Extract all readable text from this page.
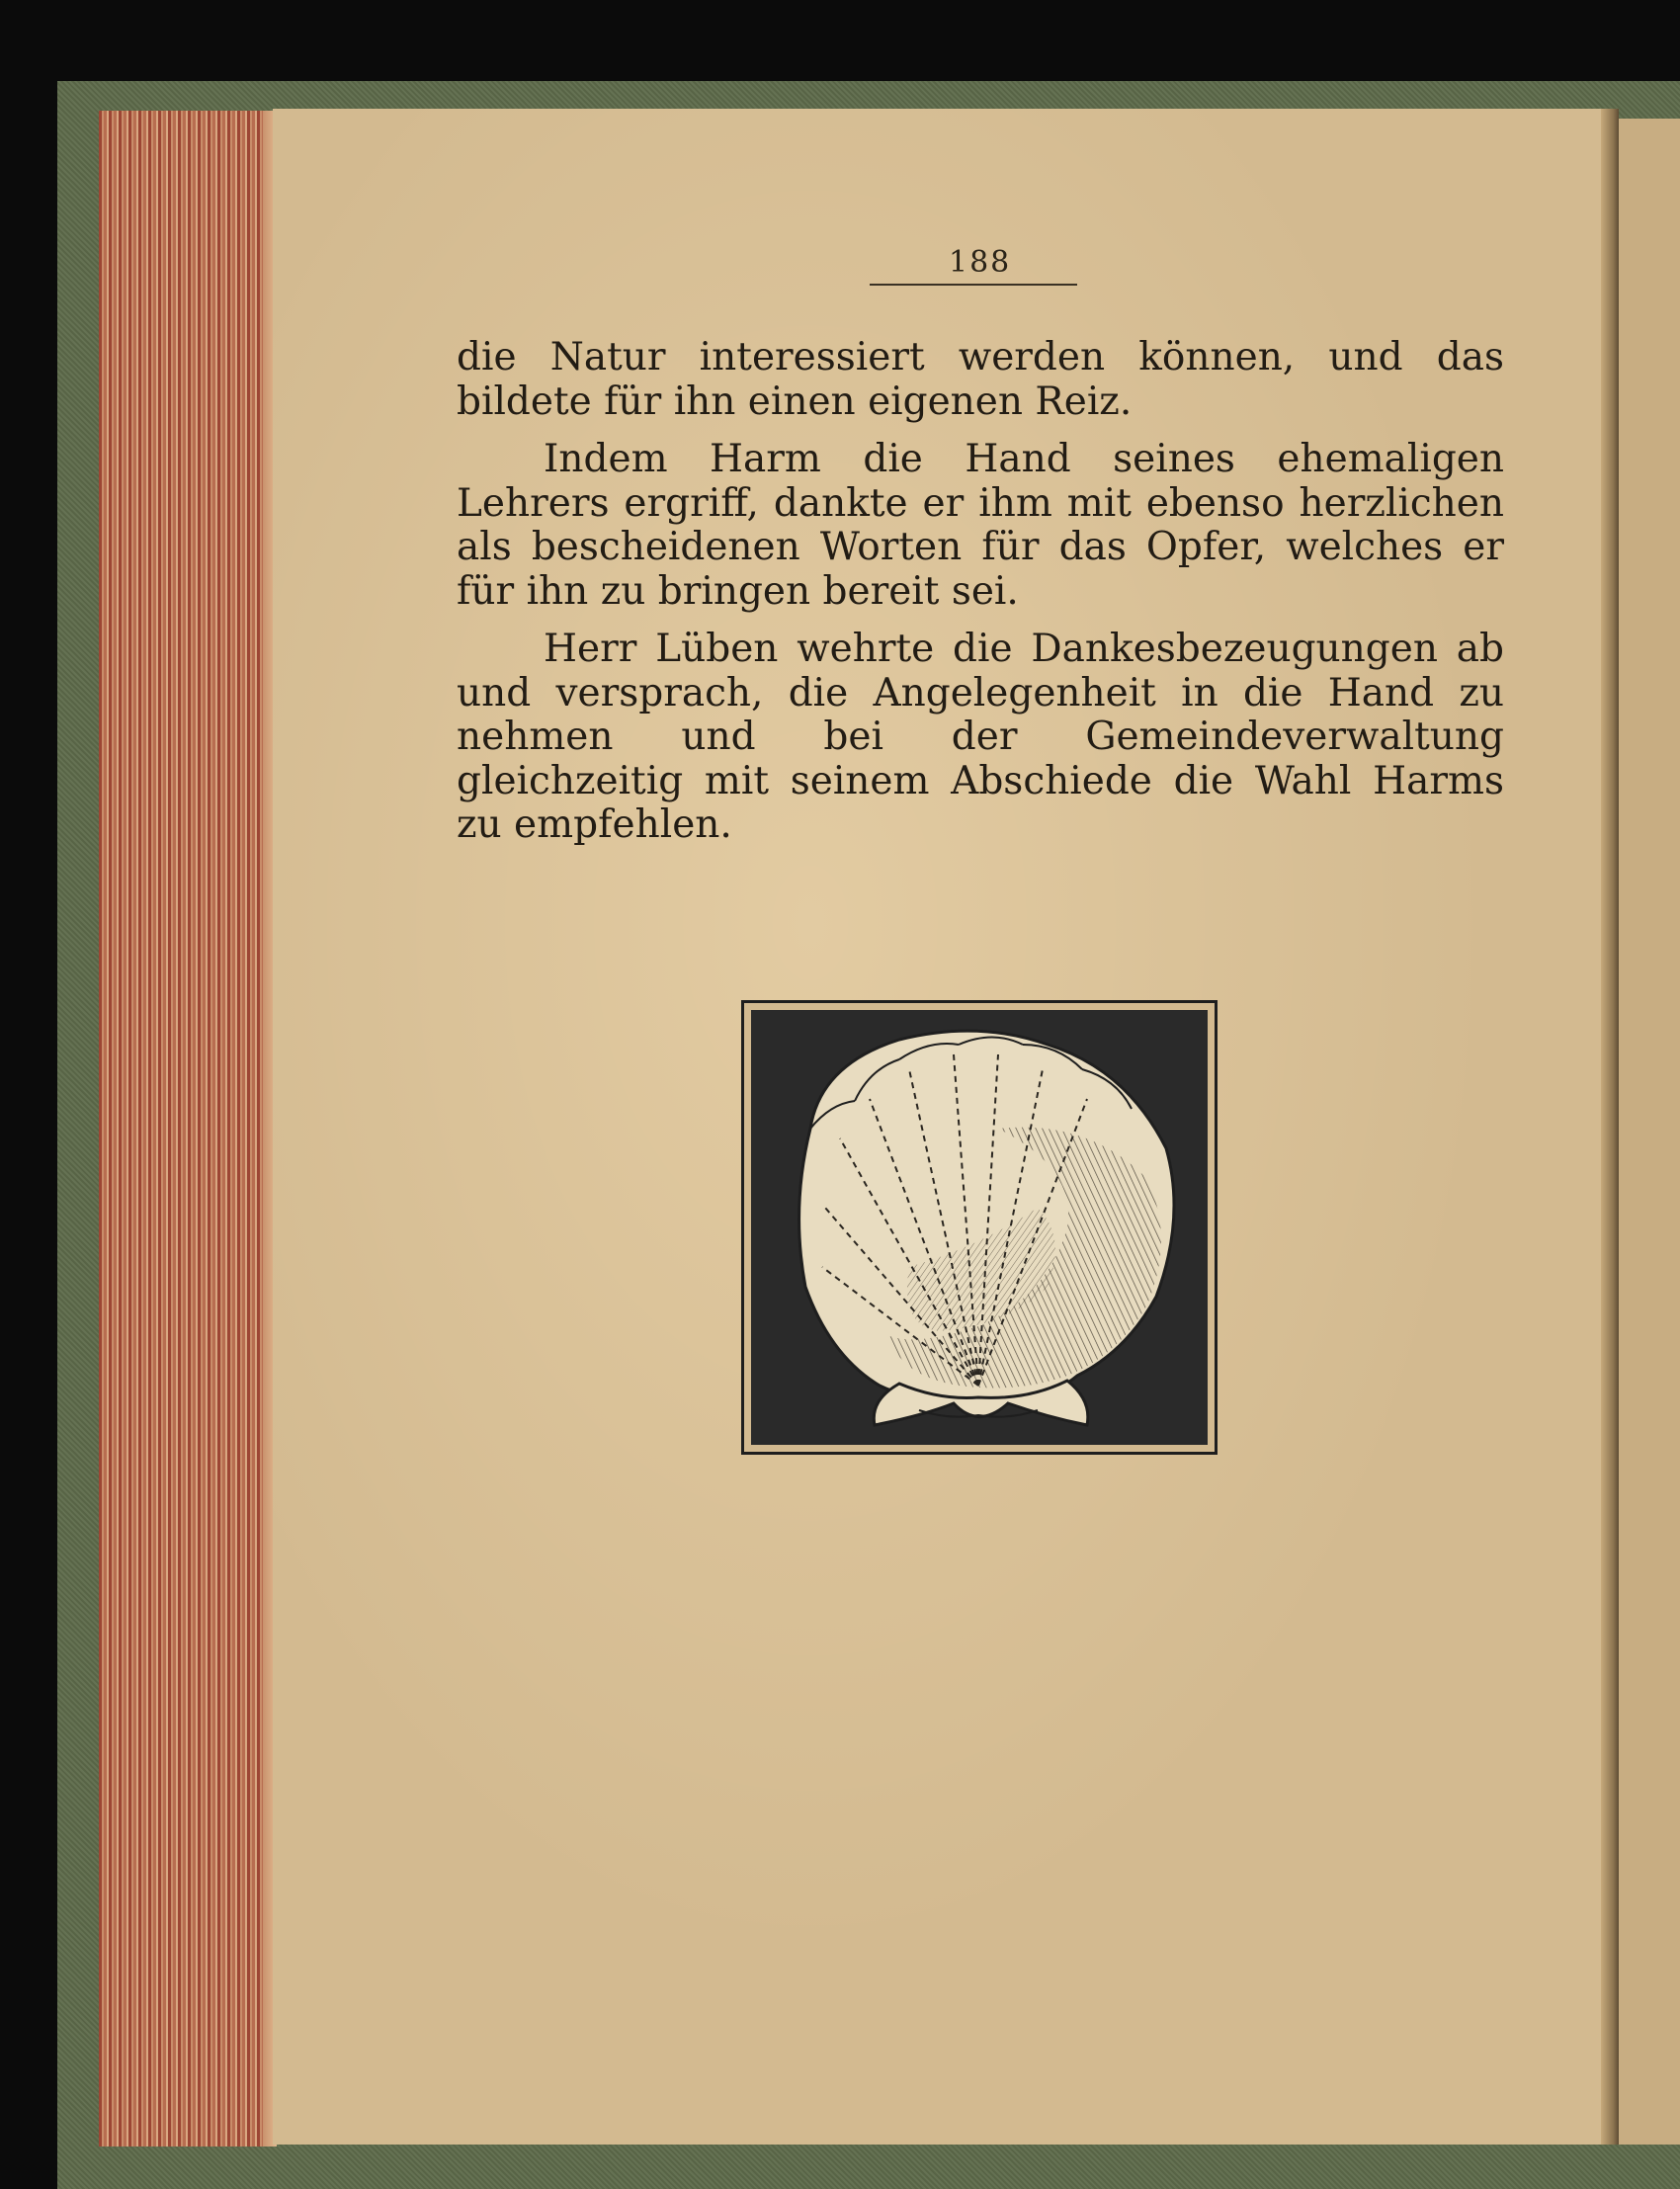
188

die Natur interessiert werden können, und das bildete für ihn einen eigenen Reiz.

Indem Harm die Hand seines ehemaligen Lehrers ergriff, dankte er ihm mit ebenso herzlichen als bescheidenen Worten für das Opfer, welches er für ihn zu bringen bereit sei.

Herr Lüben wehrte die Dankesbezeugungen ab und versprach, die Angelegenheit in die Hand zu nehmen und bei der Gemeindeverwaltung gleichzeitig mit seinem Abschiede die Wahl Harms zu empfehlen.
